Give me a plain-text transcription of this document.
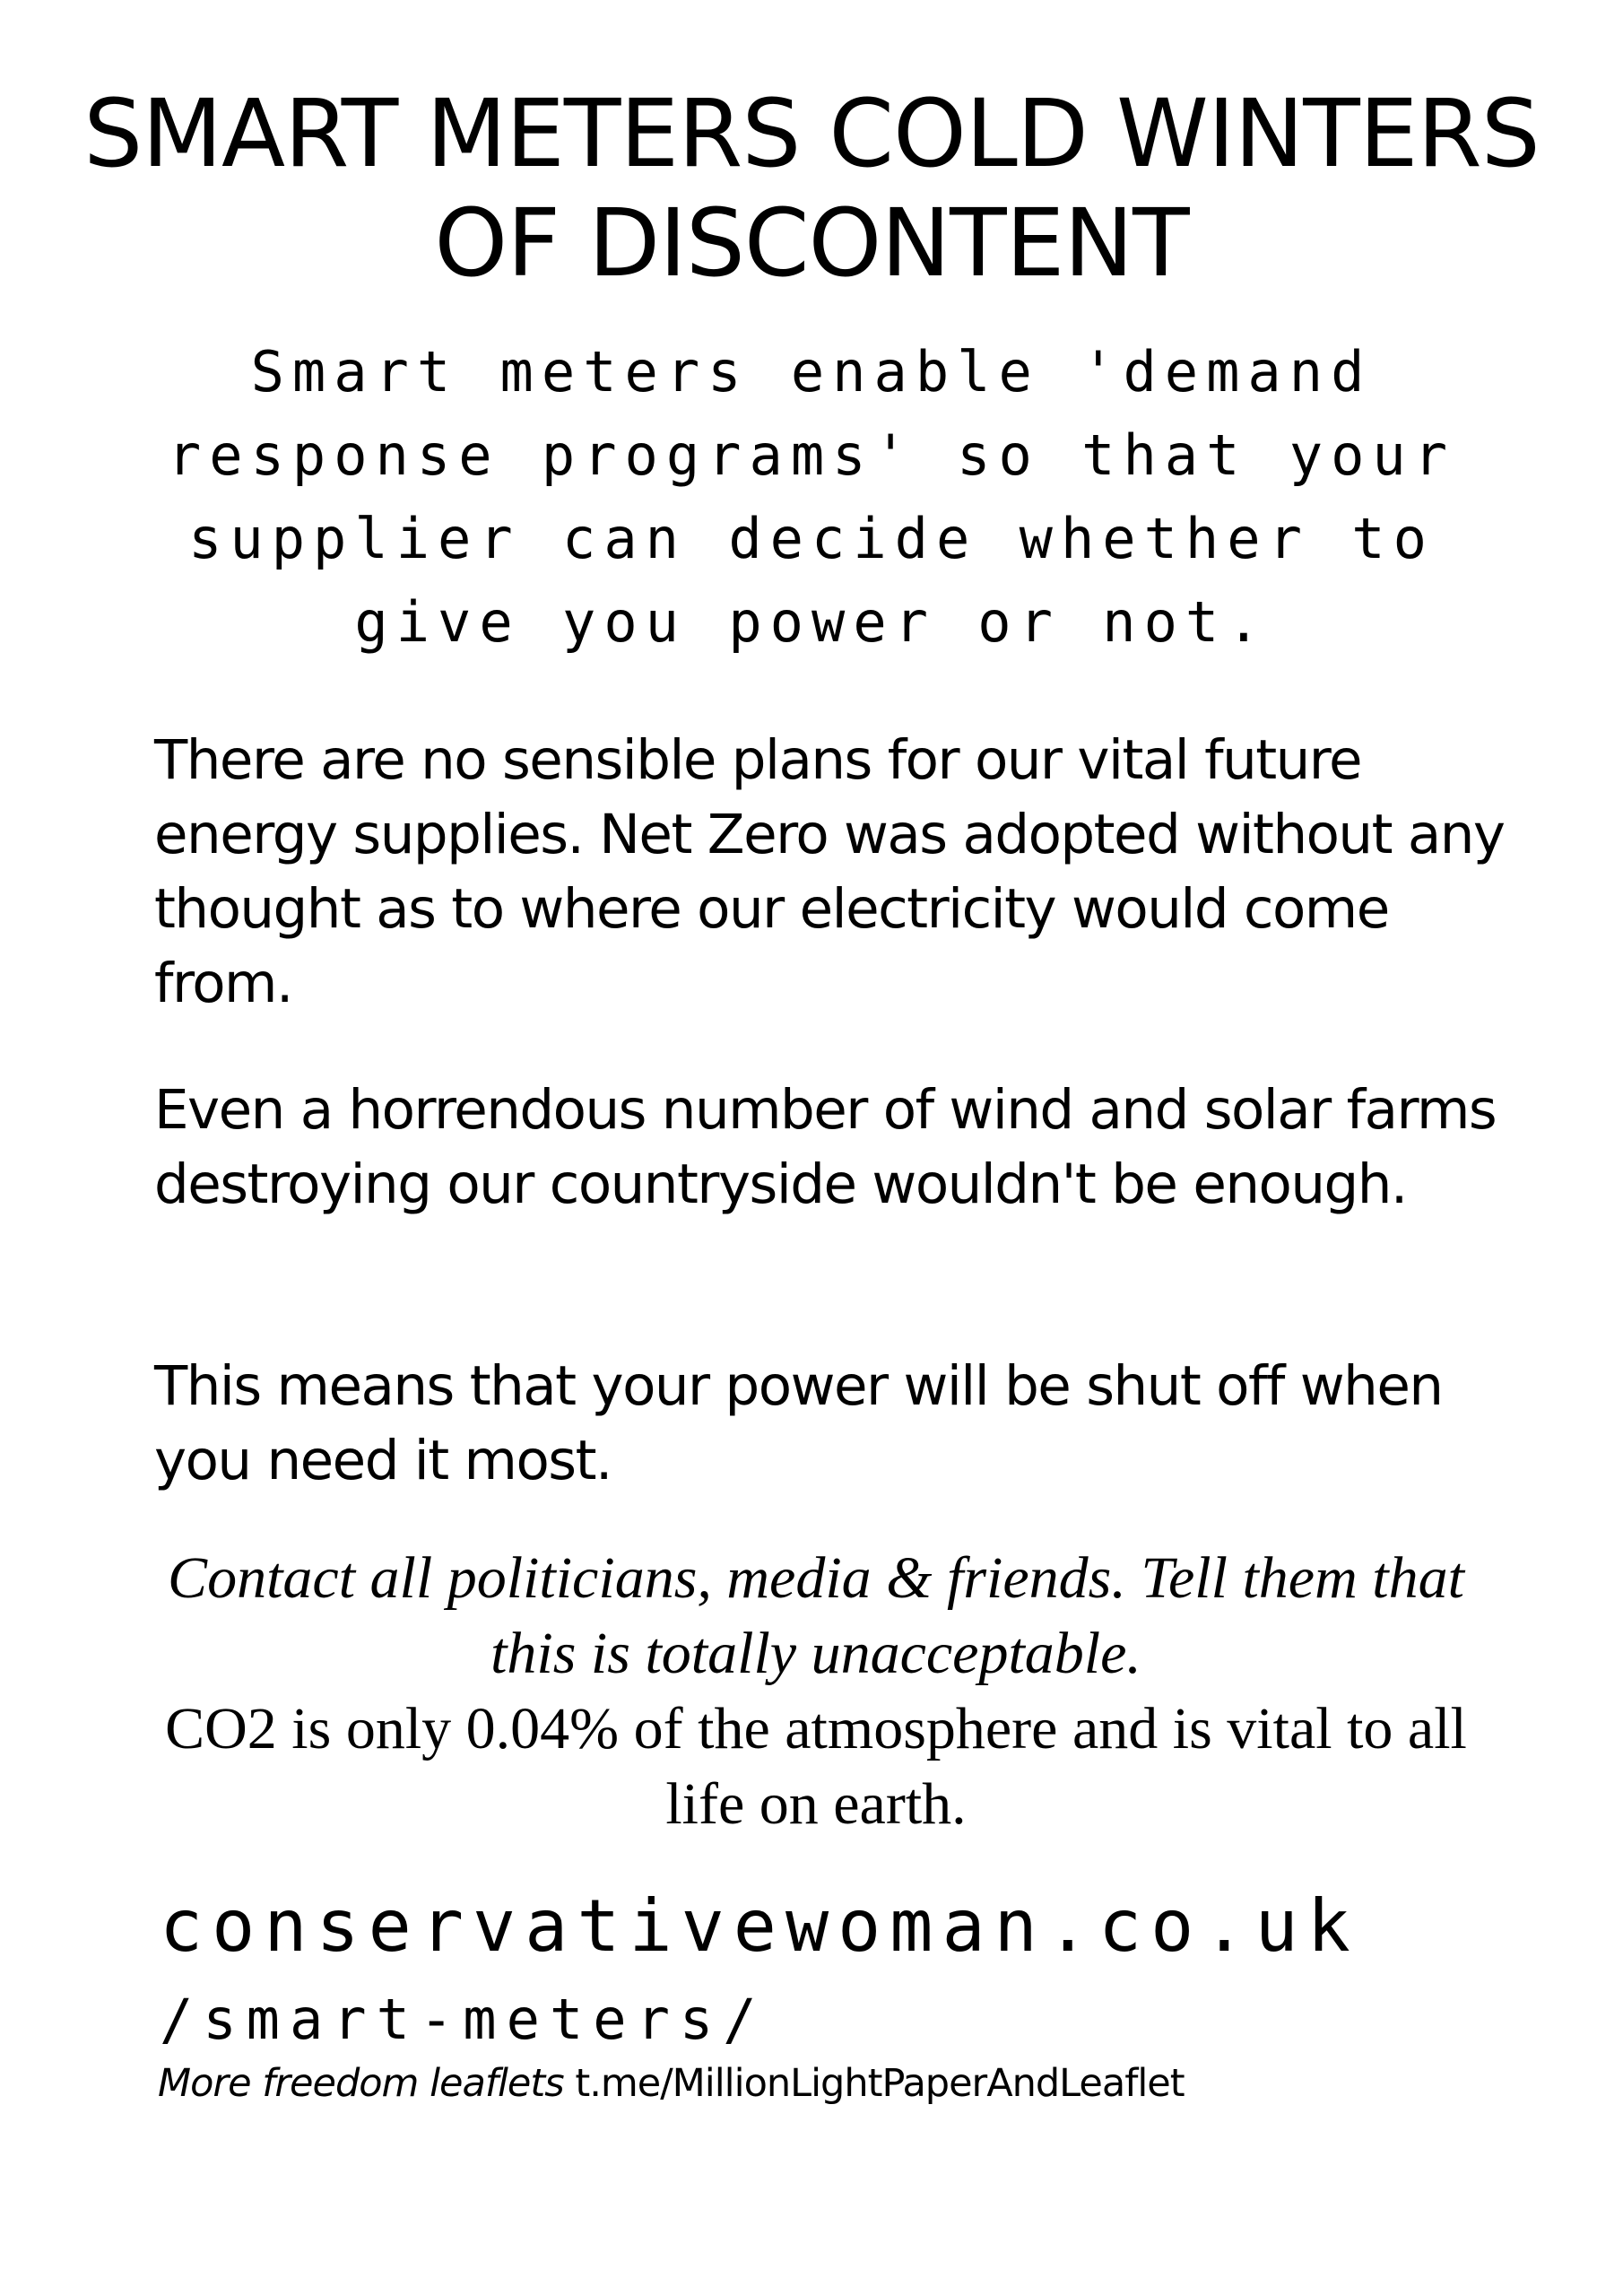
SMART METERS COLD WINTERS OF DISCONTENT

Smart meters enable 'demand response programs' so that your supplier can decide whether to give you power or not.

There are no sensible plans for our vital future energy supplies. Net Zero was adopted without any thought as to where our electricity would come from.

Even a horrendous number of wind and solar farms destroying our countryside wouldn't be enough.

This means that your power will be shut off when you need it most.

Contact all politicians, media & friends. Tell them that this is totally unacceptable.
CO2 is only 0.04% of the atmosphere and is vital to all life on earth.
conservativewoman.co.uk
/smart-meters/
More freedom leaflets t.me/MillionLightPaperAndLeaflet
